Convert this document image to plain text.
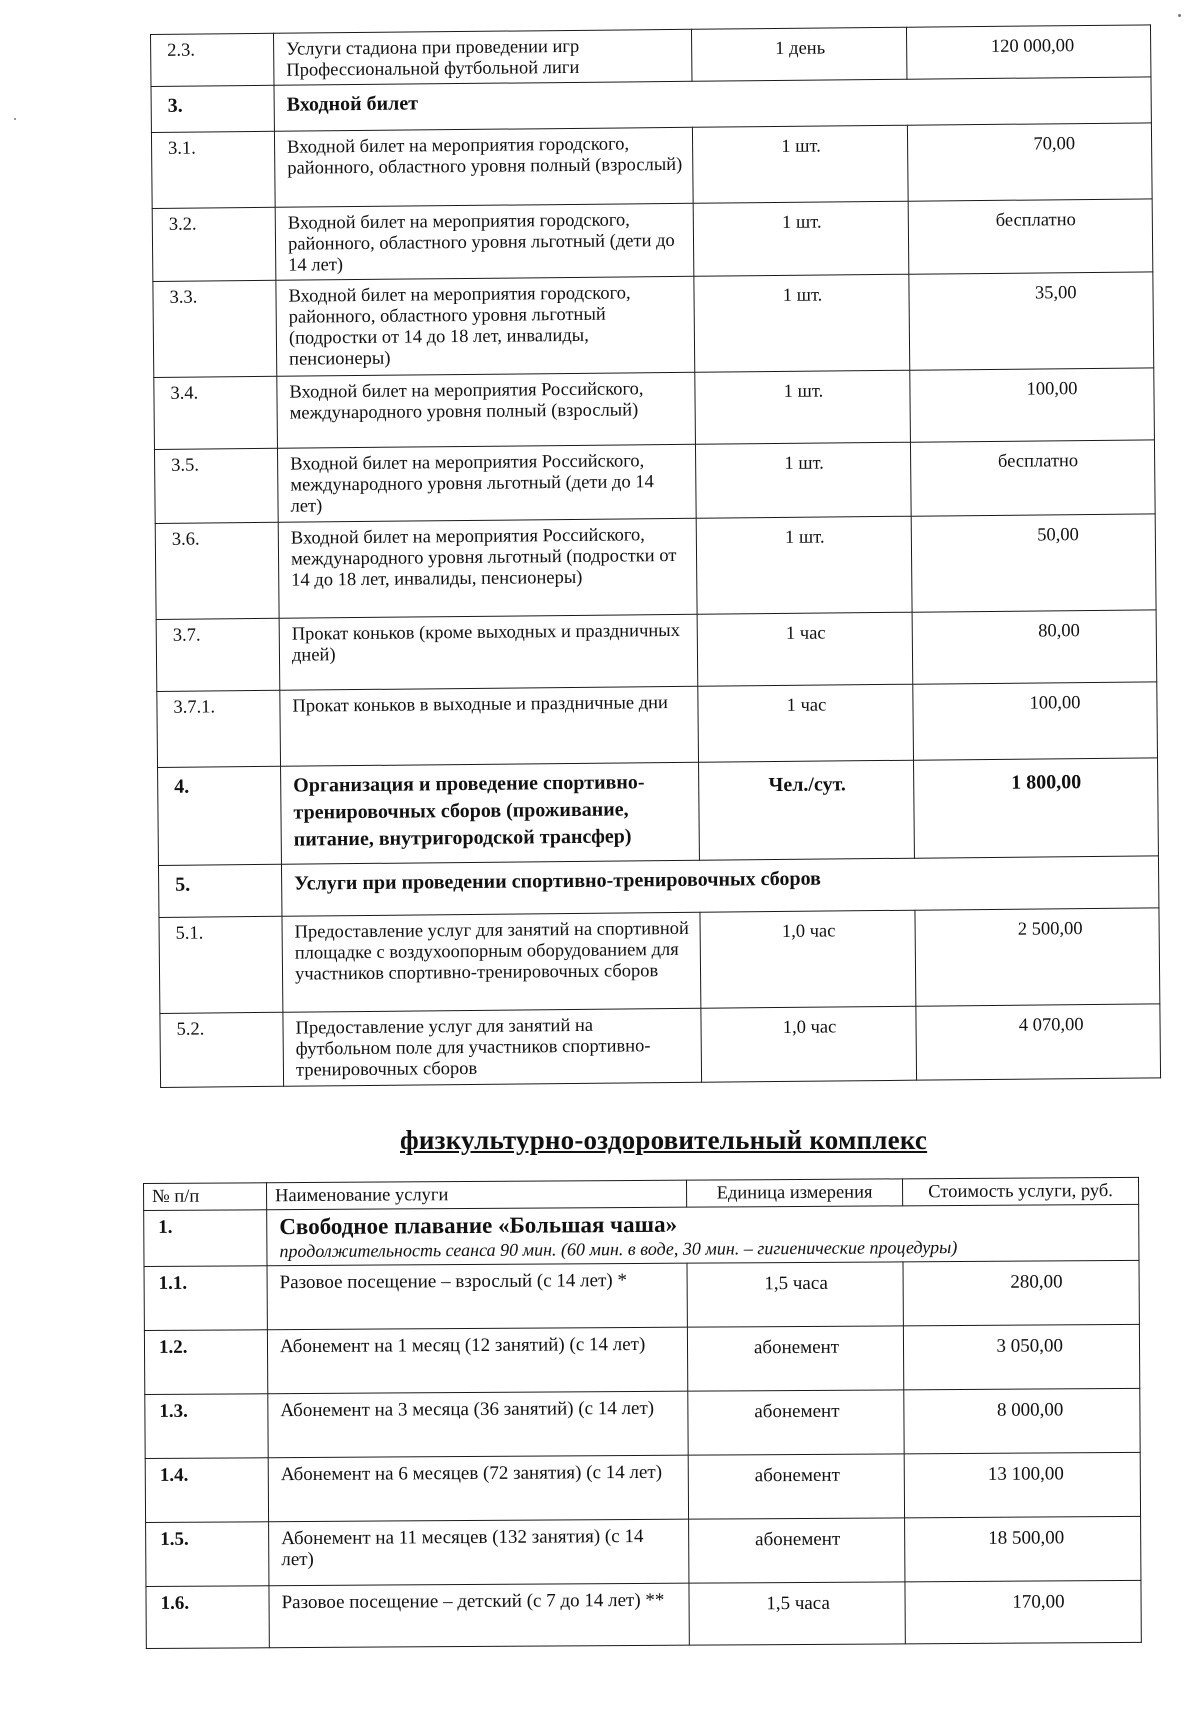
2.3.	Услуги стадиона при проведении игр Профессиональной футбольной лиги	1 день	120 000,00
3.	Входной билет		
3.1.	Входной билет на мероприятия городского, районного, областного уровня полный (взрослый)	1 шт.	70,00
3.2.	Входной билет на мероприятия городского, районного, областного уровня льготный (дети до 14 лет)	1 шт.	бесплатно
3.3.	Входной билет на мероприятия городского, районного, областного уровня льготный (подростки от 14 до 18 лет, инвалиды, пенсионеры)	1 шт.	35,00
3.4.	Входной билет на мероприятия Российского, международного уровня полный (взрослый)	1 шт.	100,00
3.5.	Входной билет на мероприятия Российского, международного уровня льготный (дети до 14 лет)	1 шт.	бесплатно
3.6.	Входной билет на мероприятия Российского, международного уровня льготный (подростки от 14 до 18 лет, инвалиды, пенсионеры)	1 шт.	50,00
3.7.	Прокат коньков (кроме выходных и праздничных дней)	1 час	80,00
3.7.1.	Прокат коньков в выходные и праздничные дни	1 час	100,00
4.	Организация и проведение спортивно-тренировочных сборов (проживание, питание, внутригородской трансфер)	Чел./сут.	1 800,00
5.	Услуги при проведении спортивно-тренировочных сборов		
5.1.	Предоставление услуг для занятий на спортивной площадке с воздухоопорным оборудованием для участников спортивно-тренировочных сборов	1,0 час	2 500,00
5.2.	Предоставление услуг для занятий на футбольном поле для участников спортивно-тренировочных сборов	1,0 час	4 070,00
физкультурно-оздоровительный комплекс
№ п/п	Наименование услуги	Единица измерения	Стоимость услуги, руб.
1.	Свободное плавание «Большая чаша»
продолжительность сеанса 90 мин. (60 мин. в воде, 30 мин. – гигиенические процедуры)		

1.1.	Разовое посещение – взрослый (с 14 лет) *	1,5 часа	280,00
1.2.	Абонемент на 1 месяц (12 занятий) (с 14 лет)	абонемент	3 050,00
1.3.	Абонемент на 3 месяца (36 занятий) (с 14 лет)	абонемент	8 000,00
1.4.	Абонемент на 6 месяцев (72 занятия) (с 14 лет)	абонемент	13 100,00
1.5.	Абонемент на 11 месяцев (132 занятия) (с 14 лет)	абонемент	18 500,00
1.6.	Разовое посещение – детский (с 7 до 14 лет) **	1,5 часа	170,00
